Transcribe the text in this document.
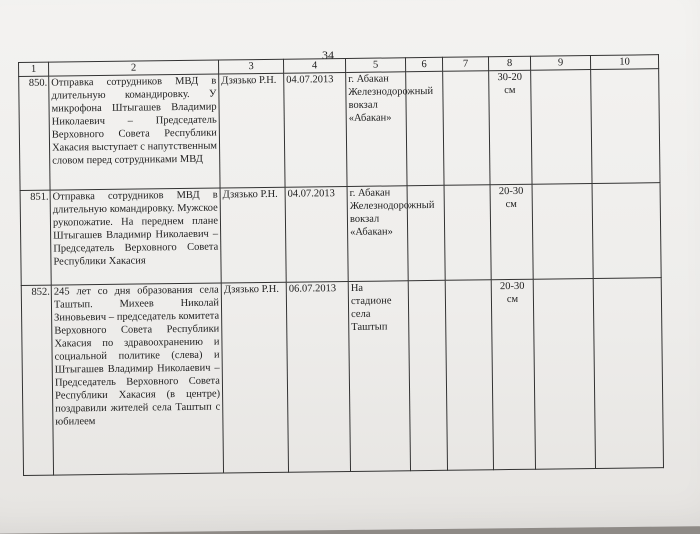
34
1	2	3	4	5	6	7	8	9	10
850.	Отправка сотрудников МВД в длительную командировку. У микрофона Штыгашев Владимир Николаевич – Председатель Верховного Совета Республики Хакасия выступает с напутственным словом перед сотрудниками МВД	Дзязько Р.Н.	04.07.2013	г. Абакан Железнодорожный вокзал «Абакан»			30-20 см		
851.	Отправка сотрудников МВД в длительную командировку. Мужское рукопожатие. На переднем плане Штыгашев Владимир Николаевич – Председатель Верховного Совета Республики Хакасия	Дзязько Р.Н.	04.07.2013	г. Абакан Железнодорожный вокзал «Абакан»			20-30 см		
852.	245 лет со дня образования села Таштып. Михеев Николай Зиновьевич – председатель комитета Верховного Совета Республики Хакасия по здравоохранению и социальной политике (слева) и Штыгашев Владимир Николаевич – Председатель Верховного Совета Республики Хакасия (в центре) поздравили жителей села Таштып с юбилеем	Дзязько Р.Н.	06.07.2013	На стадионе села Таштып			20-30 см		
